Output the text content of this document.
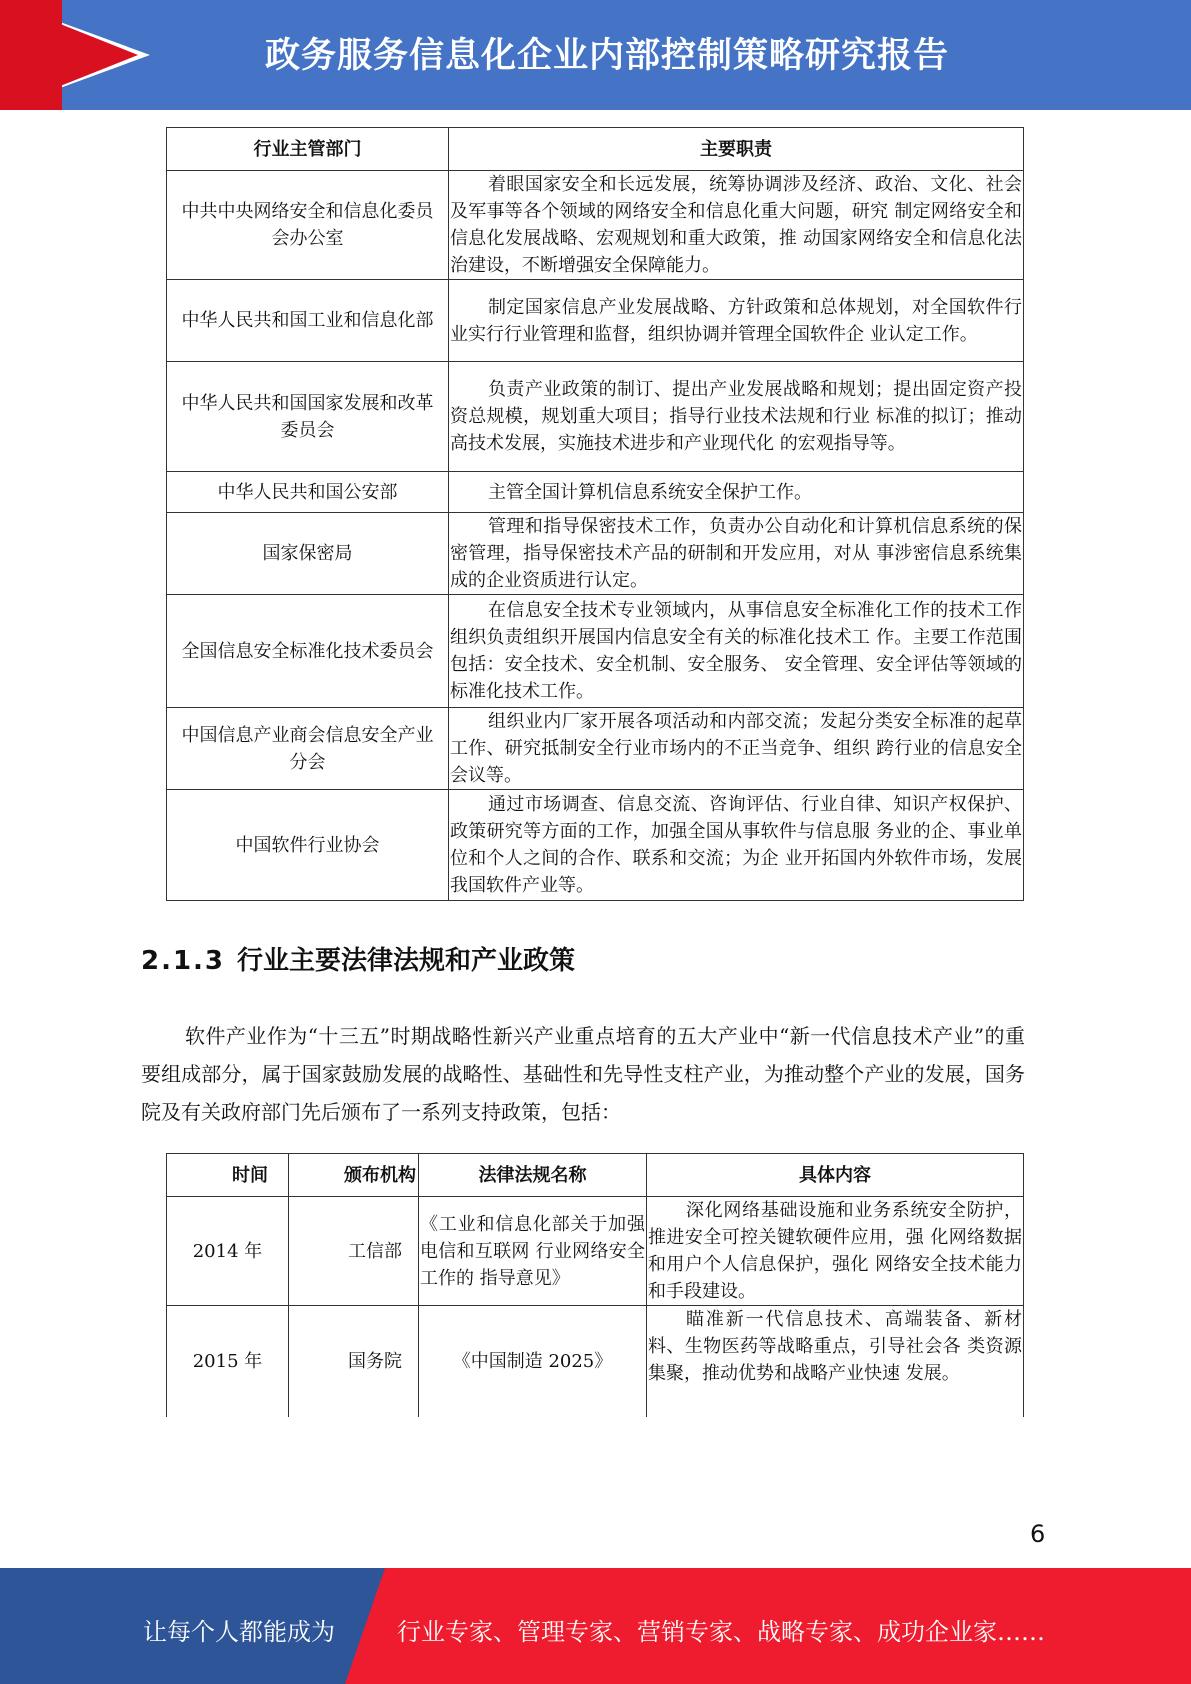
政务服务信息化企业内部控制策略研究报告
行业主管部门	主要职责
中共中央网络安全和信息化委员会办公室	着眼国家安全和长远发展，统筹协调涉及经济、政治、文化、社会及军事等各个领域的网络安全和信息化重大问题，研究 制定网络安全和信息化发展战略、宏观规划和重大政策，推 动国家网络安全和信息化法治建设，不断增强安全保障能力。
中华人民共和国工业和信息化部	制定国家信息产业发展战略、方针政策和总体规划，对全国软件行业实行行业管理和监督，组织协调并管理全国软件企 业认定工作。
中华人民共和国国家发展和改革委员会	负责产业政策的制订、提出产业发展战略和规划；提出固定资产投资总规模，规划重大项目；指导行业技术法规和行业 标准的拟订；推动高技术发展，实施技术进步和产业现代化 的宏观指导等。
中华人民共和国公安部	主管全国计算机信息系统安全保护工作。
国家保密局	管理和指导保密技术工作，负责办公自动化和计算机信息系统的保密管理，指导保密技术产品的研制和开发应用，对从 事涉密信息系统集成的企业资质进行认定。
全国信息安全标准化技术委员会	在信息安全技术专业领域内，从事信息安全标准化工作的技术工作组织负责组织开展国内信息安全有关的标准化技术工 作。主要工作范围包括：安全技术、安全机制、安全服务、 安全管理、安全评估等领域的标准化技术工作。
中国信息产业商会信息安全产业分会	组织业内厂家开展各项活动和内部交流；发起分类安全标准的起草工作、研究抵制安全行业市场内的不正当竞争、组织 跨行业的信息安全会议等。
中国软件行业协会	通过市场调查、信息交流、咨询评估、行业自律、知识产权保护、政策研究等方面的工作，加强全国从事软件与信息服 务业的企、事业单位和个人之间的合作、联系和交流；为企 业开拓国内外软件市场，发展我国软件产业等。
2.1.3 行业主要法律法规和产业政策
软件产业作为“十三五”时期战略性新兴产业重点培育的五大产业中“新一代信息技术产业”的重要组成部分，属于国家鼓励发展的战略性、基础性和先导性支柱产业，为推动整个产业的发展，国务院及有关政府部门先后颁布了一系列支持政策，包括：
时间	颁布机构	法律法规名称	具体内容
2014 年	工信部	《工业和信息化部关于加强电信和互联网 行业网络安全工作的 指导意见》	深化网络基础设施和业务系统安全防护，推进安全可控关键软硬件应用，强 化网络数据和用户个人信息保护，强化 网络安全技术能力和手段建设。
2015 年	国务院	《中国制造 2025》	瞄准新一代信息技术、高端装备、新材料、生物医药等战略重点，引导社会各 类资源集聚，推动优势和战略产业快速 发展。
6
让每个人都能成为	行业专家、管理专家、营销专家、战略专家、成功企业家……
